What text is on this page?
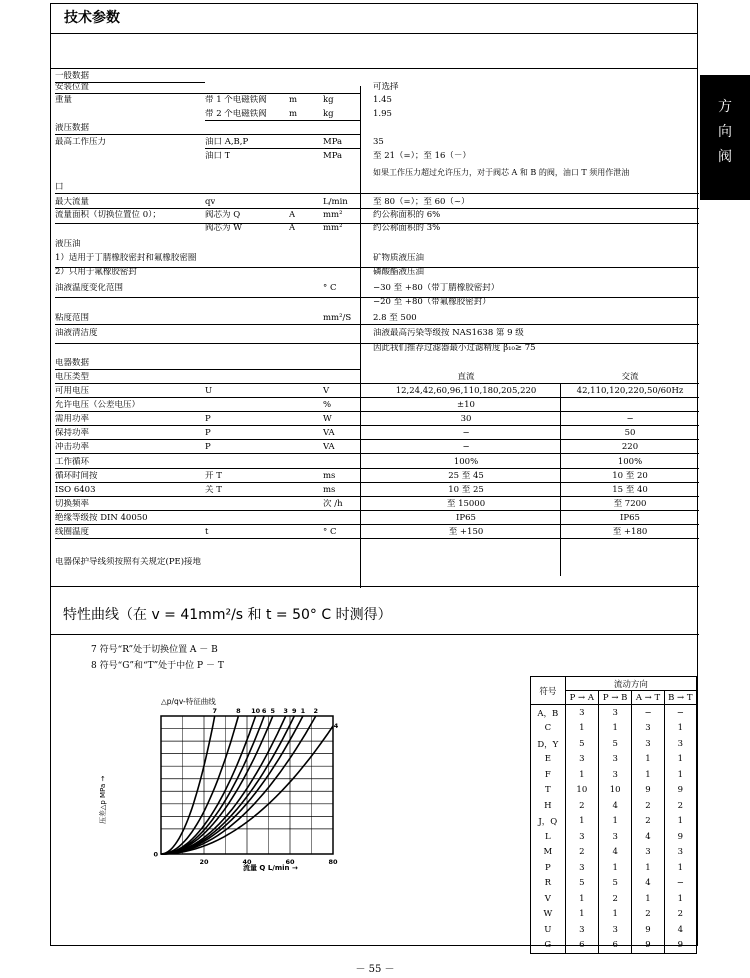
技术参数
一般数据
安装位置	可选择
重量	带 1 个电磁铁阀	m	kg	1.45
带 2 个电磁铁阀	m	kg	1.95
液压数据
最高工作压力	油口 A,B,P	MPa	35
油口 T	MPa	至 21（=）；至 16（－）
如果工作压力超过允许压力，对于阀芯 A 和 B 的阀，油口 T 须用作泄油
口
最大流量	qv	L/min	至 80（=）；至 60（~）
流量面积（切换位置位 0）；	阀芯为 Q	A	mm²	约公称面积的 6%
阀芯为 W	A	mm²	约公称面积的 3%
液压油
1）适用于丁腈橡胶密封和氟橡胶密圈	矿物质液压油
2）只用于氟橡胶密封	磷酸酯液压油
油液温度变化范围	° C	−30 至 +80（带丁腈橡胶密封）
−20 至 +80（带氟橡胶密封）
粘度范围	mm²/S	2.8 至 500
油液清洁度	油液最高污染等级按 NAS1638 第 9 级
因此我们推荐过滤器最小过滤精度 β₁₀≥ 75
电器数据
电压类型	直流	交流
可用电压	U	V	12,24,42,60,96,110,180,205,220	42,110,120,220,50/60Hz
允许电压（公差电压）	%	±10
需用功率	P	W	30	−
保持功率	P	VA	−	50
冲击功率	P	VA	−	220
工作循环	100%	100%
循环时间按	开 T	ms	25 至 45	10 至 20
ISO 6403	关 T	ms	10 至 25	15 至 40
切换频率	次 /h	至 15000	至 7200
绝缘等级按 DIN 40050	IP65	IP65
线圈温度	t	° C	至 +150	至 +180
电器保护导线须按照有关规定(PE)接地
特性曲线（在 v = 41mm²/s 和 t = 50° C 时测得）
7 符号“R”处于切换位置 A － B
8 符号“G”和“T”处于中位 P － T
△p/qv-特征曲线
流量 Q L/min →
压差△p MPa →
0
20	40	60	80
7	8 10 6 5 3 9 1 2
4
符号	流动方向			
	P → A	P → B	A → T	B → T
A，B	3	3	−	−
C	1	1	3	1
D，Y	5	5	3	3
E	3	3	1	1
F	1	3	1	1
T	10	10	9	9
H	2	4	2	2
J，Q	1	1	2	1
L	3	3	4	9
M	2	4	3	3
P	3	1	1	1
R	5	5	4	−
V	1	2	1	1
W	1	1	2	2
U	3	3	9	4
G	6	6	9	9
方向阀
－ 55 －
